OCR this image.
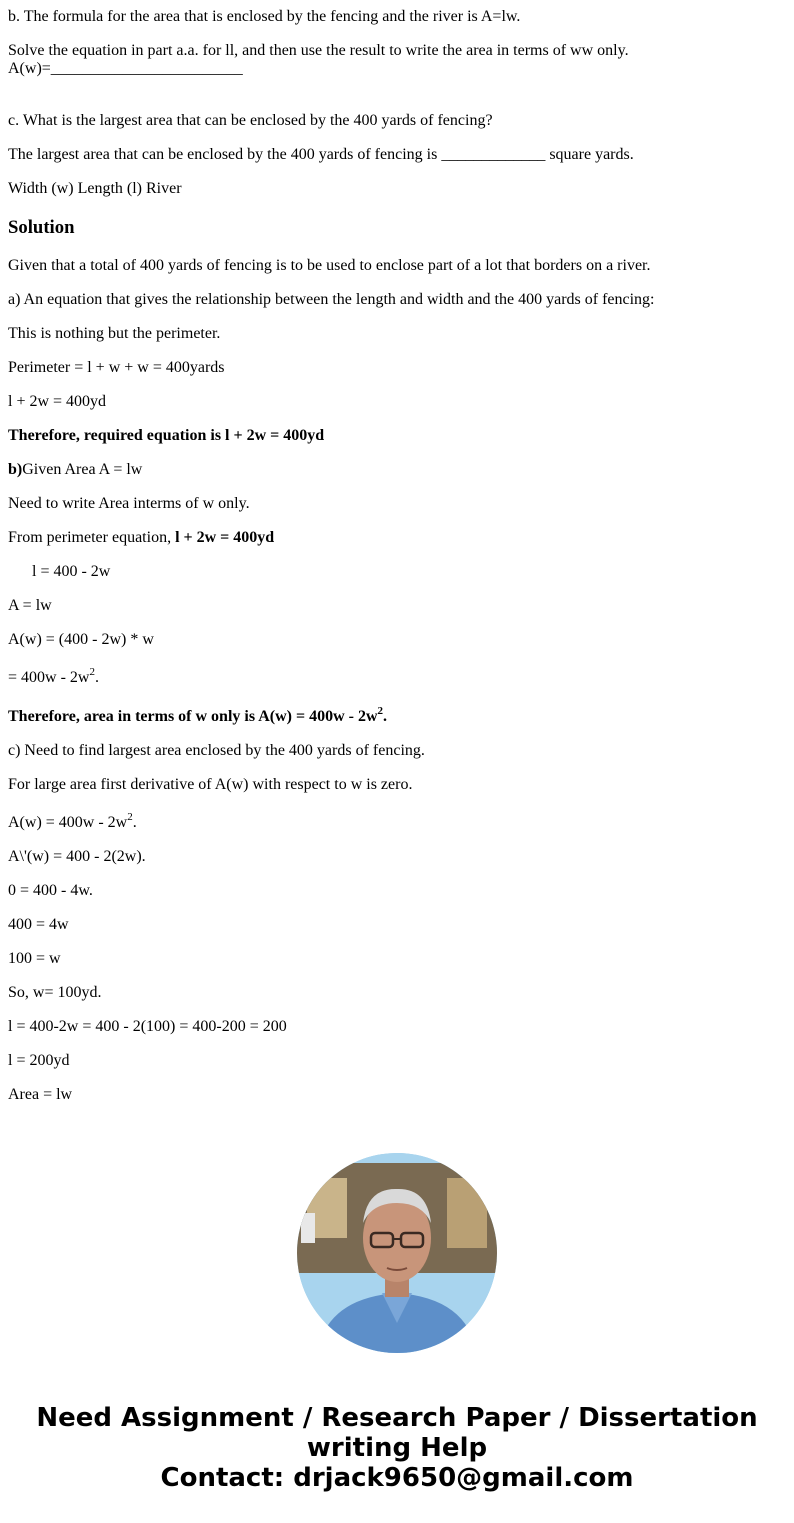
b. The formula for the area that is enclosed by the fencing and the river is A=lw.
Solve the equation in part a.a. for ll, and then use the result to write the area in terms of ww only.
A(w)=________________________
c. What is the largest area that can be enclosed by the 400 yards of fencing?
The largest area that can be enclosed by the 400 yards of fencing is _____________ square yards.
Width (w) Length (l) River
Solution
Given that a total of 400 yards of fencing is to be used to enclose part of a lot that borders on a river.
a) An equation that gives the relationship between the length and width and the 400 yards of fencing:
This is nothing but the perimeter.
Perimeter = l + w + w = 400yards
l + 2w = 400yd
Therefore, required equation is l + 2w = 400yd
b)Given Area A = lw
Need to write Area interms of w only.
From perimeter equation, l + 2w = 400yd
l = 400 - 2w
A = lw
A(w) = (400 - 2w) * w
= $400w - 2w^2$.
Therefore, area in terms of w only is $A(w) = 400w - 2w^2$.
c) Need to find largest area enclosed by the 400 yards of fencing.
For large area first derivative of A(w) with respect to w is zero.
$A(w) = 400w - 2w^2$.
A\'(w) = 400 - 2(2w).
0 = 400 - 4w.
400 = 4w
100 = w
So, w= 100yd.
l = 400-2w = 400 - 2(100) = 400-200 = 200
l = 200yd
Area = lw
Need Assignment / Research Paper / Dissertation
writing Help
Contact: drjack9650@gmail.com
